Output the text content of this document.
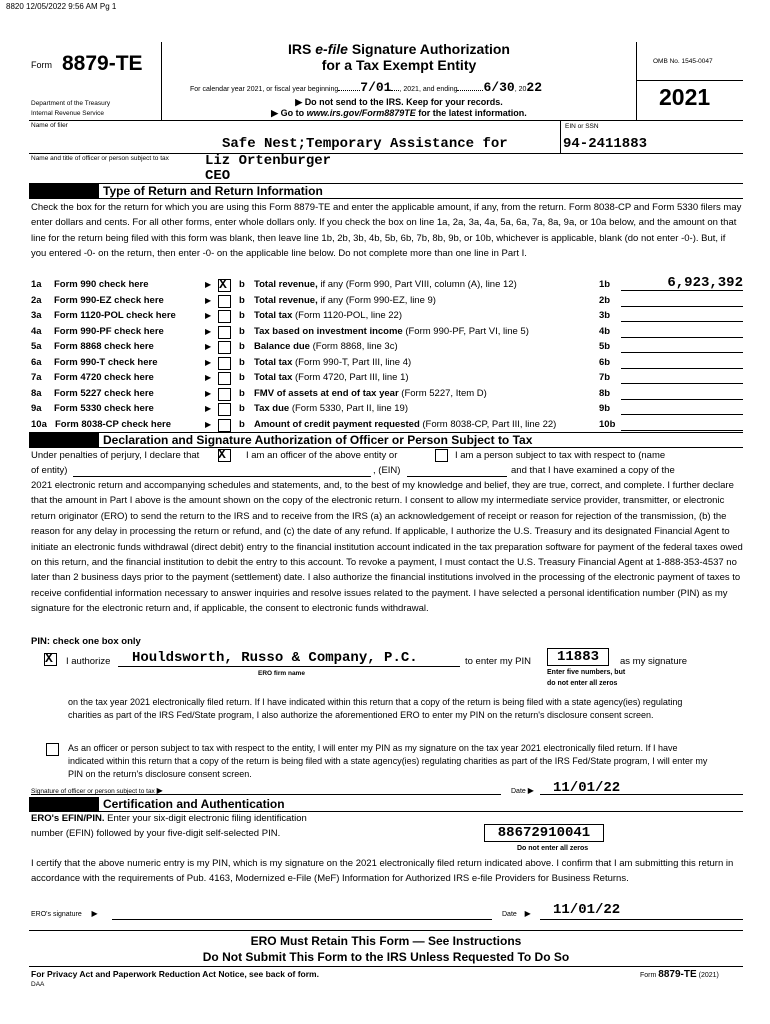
8820 12/05/2022 9:56 AM Pg 1
Form 8879-TE
Department of the Treasury
Internal Revenue Service
Name of filer
IRS e-file Signature Authorization
for a Tax Exempt Entity
For calendar year 2021, or fiscal year beginning 7/01 , 2021, and ending 6/30, 2022
▶ Do not send to the IRS. Keep for your records.
▶ Go to www.irs.gov/Form8879TE for the latest information.
OMB No. 1545-0047
2021
EIN or SSN
Safe Nest;Temporary Assistance for	94-2411883
Name and title of officer or person subject to tax	Liz Ortenburger
CEO
Type of Return and Return Information
Check the box for the return for which you are using this Form 8879-TE and enter the applicable amount, if any, from the return. Form 8038-CP and Form 5330 filers may enter dollars and cents. For all other forms, enter whole dollars only. If you check the box on line 1a, 2a, 3a, 4a, 5a, 6a, 7a, 8a, 9a, or 10a below, and the amount on that line for the return being filed with this form was blank, then leave line 1b, 2b, 3b, 4b, 5b, 6b, 7b, 8b, 9b, or 10b, whichever is applicable, blank (do not enter -0-). But, if you entered -0- on the return, then enter -0- on the applicable line below. Do not complete more than one line in Part I.
1a Form 990 check here	▶ X b Total revenue, if any (Form 990, Part VIII, column (A), line 12)	1b	6,923,392
2a Form 990-EZ check here	▶	b Total revenue, if any (Form 990-EZ, line 9)	2b
3a Form 1120-POL check here	▶	b Total tax (Form 1120-POL, line 22)	3b
4a Form 990-PF check here	▶	b Tax based on investment income (Form 990-PF, Part VI, line 5)	4b
5a Form 8868 check here	▶	b Balance due (Form 8868, line 3c)	5b
6a Form 990-T check here	▶	b Total tax (Form 990-T, Part III, line 4)	6b
7a Form 4720 check here	▶	b Total tax (Form 4720, Part III, line 1)	7b
8a Form 5227 check here	▶	b FMV of assets at end of tax year (Form 5227, Item D)	8b
9a Form 5330 check here	▶	b Tax due (Form 5330, Part II, line 19)	9b
10a Form 8038-CP check here	▶	b Amount of credit payment requested (Form 8038-CP, Part III, line 22)	10b
Declaration and Signature Authorization of Officer or Person Subject to Tax
Under penalties of perjury, I declare that X I am an officer of the above entity or	I am a person subject to tax with respect to (name
of entity)	, (EIN)	and that I have examined a copy of the
2021 electronic return and accompanying schedules and statements, and, to the best of my knowledge and belief, they are true, correct, and complete. I further declare that the amount in Part I above is the amount shown on the copy of the electronic return. I consent to allow my intermediate service provider, transmitter, or electronic return originator (ERO) to send the return to the IRS and to receive from the IRS (a) an acknowledgement of receipt or reason for rejection of the transmission, (b) the reason for any delay in processing the return or refund, and (c) the date of any refund. If applicable, I authorize the U.S. Treasury and its designated Financial Agent to initiate an electronic funds withdrawal (direct debit) entry to the financial institution account indicated in the tax preparation software for payment of the federal taxes owed on this return, and the financial institution to debit the entry to this account. To revoke a payment, I must contact the U.S. Treasury Financial Agent at 1-888-353-4537 no later than 2 business days prior to the payment (settlement) date. I also authorize the financial institutions involved in the processing of the electronic payment of taxes to receive confidential information necessary to answer inquiries and resolve issues related to the payment. I have selected a personal identification number (PIN) as my signature for the electronic return and, if applicable, the consent to electronic funds withdrawal.
PIN: check one box only
X I authorize Houldsworth, Russo & Company, P.C.
ERO firm name
to enter my PIN	11883	as my signature
Enter five numbers, but
do not enter all zeros
on the tax year 2021 electronically filed return. If I have indicated within this return that a copy of the return is being filed with a state agency(ies) regulating charities as part of the IRS Fed/State program, I also authorize the aforementioned ERO to enter my PIN on the return's disclosure consent screen.
As an officer or person subject to tax with respect to the entity, I will enter my PIN as my signature on the tax year 2021 electronically filed return. If I have indicated within this return that a copy of the return is being filed with a state agency(ies) regulating charities as part of the IRS Fed/State program, I will enter my PIN on the return's disclosure consent screen.
Signature of officer or person subject to tax ▶	Date ▶ 11/01/22
Certification and Authentication
ERO's EFIN/PIN. Enter your six-digit electronic filing identification
number (EFIN) followed by your five-digit self-selected PIN.	88672910041
Do not enter all zeros
I certify that the above numeric entry is my PIN, which is my signature on the 2021 electronically filed return indicated above. I confirm that I am submitting this return in accordance with the requirements of Pub. 4163, Modernized e-File (MeF) Information for Authorized IRS e-file Providers for Business Returns.
ERO's signature ▶	Date ▶ 11/01/22
ERO Must Retain This Form — See Instructions
Do Not Submit This Form to the IRS Unless Requested To Do So
For Privacy Act and Paperwork Reduction Act Notice, see back of form.
DAA
Form 8879-TE (2021)
